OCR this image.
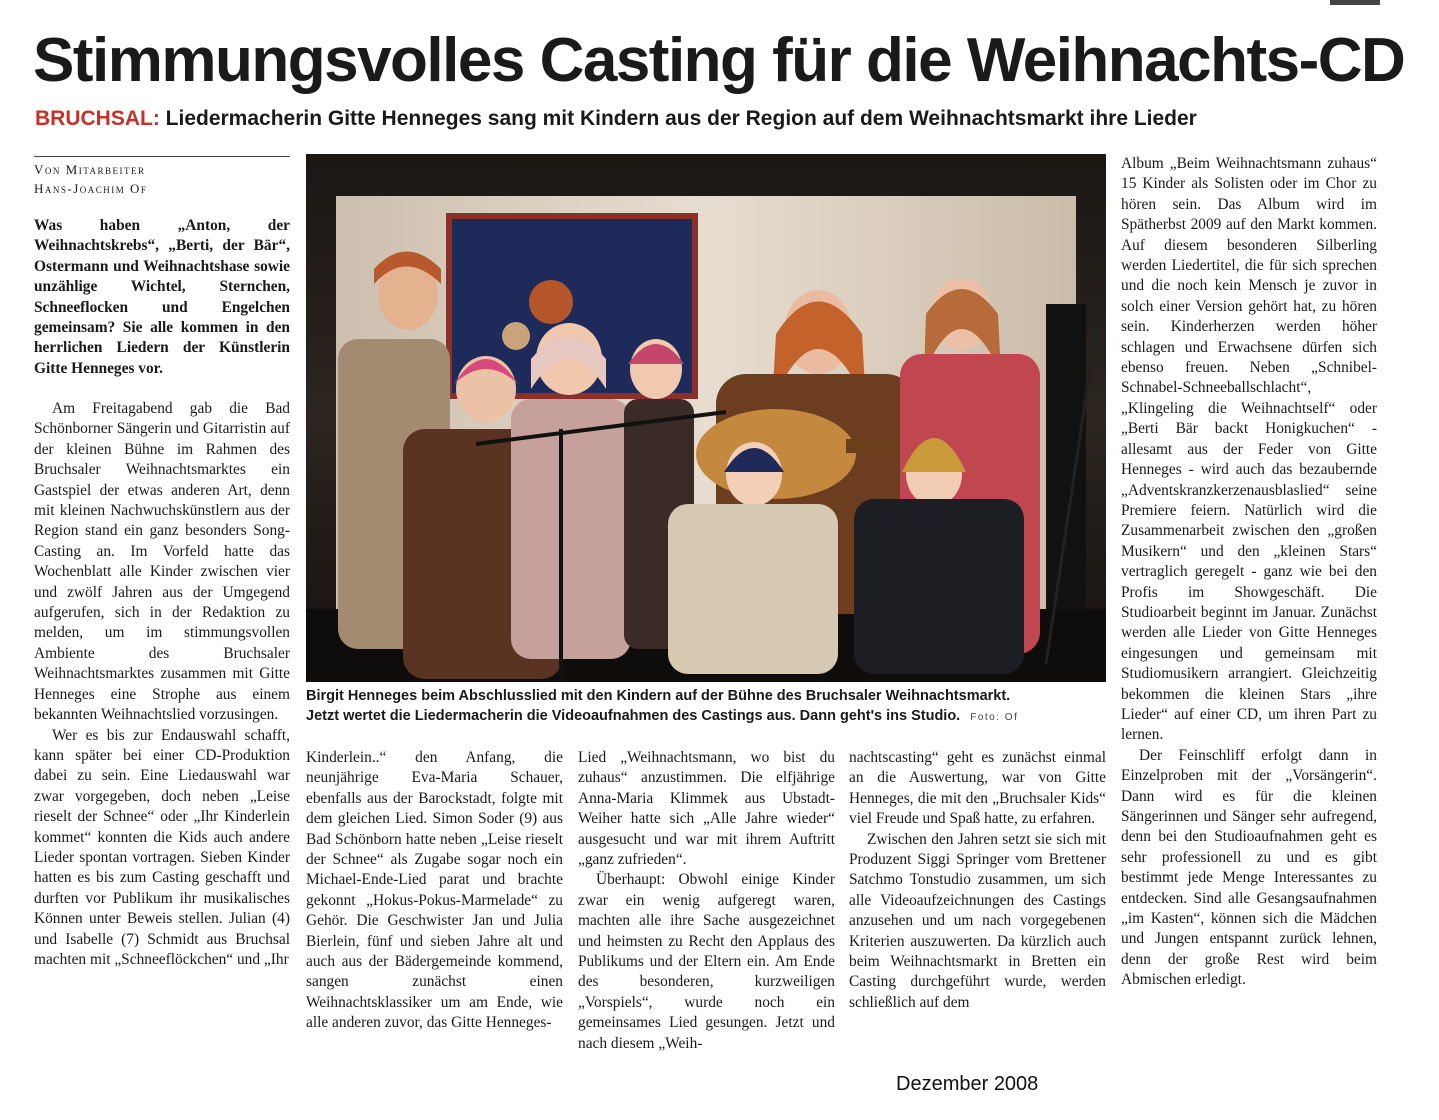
Stimmungsvolles Casting für die Weihnachts-CD
BRUCHSAL: Liedermacherin Gitte Henneges sang mit Kindern aus der Region auf dem Weihnachtsmarkt ihre Lieder
Von Mitarbeiter
Hans-Joachim Of
Was haben „Anton, der Weihnachtskrebs“, „Berti, der Bär“, Ostermann und Weihnachtshase sowie unzählige Wichtel, Sternchen, Schneeflocken und Engelchen gemeinsam? Sie alle kommen in den herrlichen Liedern der Künstlerin Gitte Henneges vor.

Am Freitagabend gab die Bad Schönborner Sängerin und Gitarristin auf der kleinen Bühne im Rahmen des Bruchsaler Weihnachtsmarktes ein Gastspiel der etwas anderen Art, denn mit kleinen Nachwuchskünstlern aus der Region stand ein ganz besonders Song-Casting an. Im Vorfeld hatte das Wochenblatt alle Kinder zwischen vier und zwölf Jahren aus der Umgegend aufgerufen, sich in der Redaktion zu melden, um im stimmungsvollen Ambiente des Bruchsaler Weihnachtsmarktes zusammen mit Gitte Henneges eine Strophe aus einem bekannten Weihnachtslied vorzusingen.

Wer es bis zur Endauswahl schafft, kann später bei einer CD-Produktion dabei zu sein. Eine Liedauswahl war zwar vorgegeben, doch neben „Leise rieselt der Schnee“ oder „Ihr Kinderlein kommet“ konnten die Kids auch andere Lieder spontan vortragen. Sieben Kinder hatten es bis zum Casting geschafft und durften vor Publikum ihr musikalisches Können unter Beweis stellen. Julian (4) und Isabelle (7) Schmidt aus Bruchsal machten mit „Schneeflöckchen“ und „Ihr

Birgit Henneges beim Abschlusslied mit den Kindern auf der Bühne des Bruchsaler Weihnachtsmarkt.
Jetzt wertet die Liedermacherin die Videoaufnahmen des Castings aus. Dann geht's ins Studio. Foto: Of

Kinderlein..“ den Anfang, die neunjährige Eva-Maria Schauer, ebenfalls aus der Barockstadt, folgte mit dem gleichen Lied. Simon Soder (9) aus Bad Schönborn hatte neben „Leise rieselt der Schnee“ als Zugabe sogar noch ein Michael-Ende-Lied parat und brachte gekonnt „Hokus-Pokus-Marmelade“ zu Gehör. Die Geschwister Jan und Julia Bierlein, fünf und sieben Jahre alt und auch aus der Bädergemeinde kommend, sangen zunächst einen Weihnachtsklassiker um am Ende, wie alle anderen zuvor, das Gitte Henneges-

Lied „Weihnachtsmann, wo bist du zuhaus“ anzustimmen. Die elfjährige Anna-Maria Klimmek aus Ubstadt-Weiher hatte sich „Alle Jahre wieder“ ausgesucht und war mit ihrem Auftritt „ganz zufrieden“.

Überhaupt: Obwohl einige Kinder zwar ein wenig aufgeregt waren, machten alle ihre Sache ausgezeichnet und heimsten zu Recht den Applaus des Publikums und der Eltern ein. Am Ende des besonderen, kurzweiligen „Vorspiels“, wurde noch ein gemeinsames Lied gesungen. Jetzt und nach diesem „Weih-

nachtscasting“ geht es zunächst einmal an die Auswertung, war von Gitte Henneges, die mit den „Bruchsaler Kids“ viel Freude und Spaß hatte, zu erfahren.

Zwischen den Jahren setzt sie sich mit Produzent Siggi Springer vom Brettener Satchmo Tonstudio zusammen, um sich alle Videoaufzeichnungen des Castings anzusehen und um nach vorgegebenen Kriterien auszuwerten. Da kürzlich auch beim Weihnachtsmarkt in Bretten ein Casting durchgeführt wurde, werden schließlich auf dem

Album „Beim Weihnachtsmann zuhaus“ 15 Kinder als Solisten oder im Chor zu hören sein. Das Album wird im Spätherbst 2009 auf den Markt kommen. Auf diesem besonderen Silberling werden Liedertitel, die für sich sprechen und die noch kein Mensch je zuvor in solch einer Version gehört hat, zu hören sein. Kinderherzen werden höher schlagen und Erwachsene dürfen sich ebenso freuen. Neben „Schnibel-Schnabel-Schneeballschlacht“, „Klingeling die Weihnachtself“ oder „Berti Bär backt Honigkuchen“ - allesamt aus der Feder von Gitte Henneges - wird auch das bezaubernde „Adventskranzkerzenausblaslied“ seine Premiere feiern. Natürlich wird die Zusammenarbeit zwischen den „großen Musikern“ und den „kleinen Stars“ vertraglich geregelt - ganz wie bei den Profis im Showgeschäft. Die Studioarbeit beginnt im Januar. Zunächst werden alle Lieder von Gitte Henneges eingesungen und gemeinsam mit Studiomusikern arrangiert. Gleichzeitig bekommen die kleinen Stars „ihre Lieder“ auf einer CD, um ihren Part zu lernen.

Der Feinschliff erfolgt dann in Einzelproben mit der „Vorsängerin“. Dann wird es für die kleinen Sängerinnen und Sänger sehr aufregend, denn bei den Studioaufnahmen geht es sehr professionell zu und es gibt bestimmt jede Menge Interessantes zu entdecken. Sind alle Gesangsaufnahmen „im Kasten“, können sich die Mädchen und Jungen entspannt zurück lehnen, denn der große Rest wird beim Abmischen erledigt.

Dezember 2008
